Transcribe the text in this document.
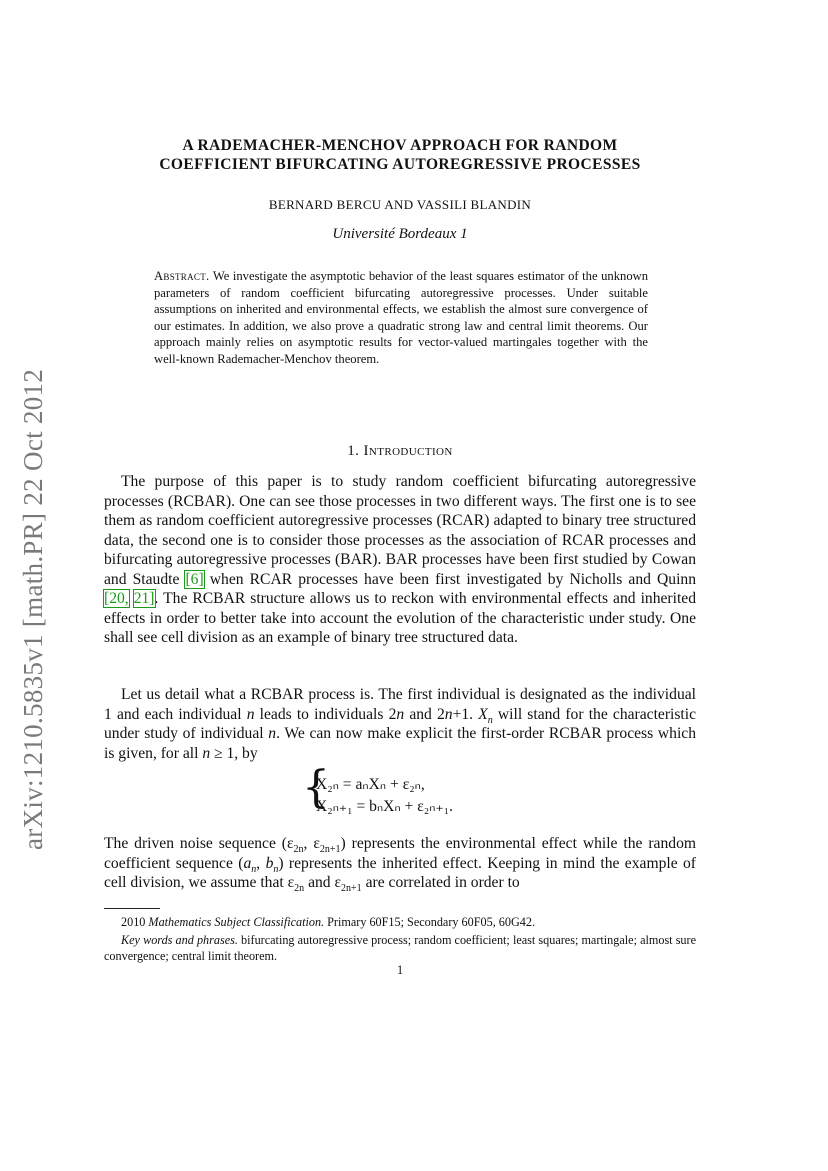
arXiv:1210.5835v1 [math.PR] 22 Oct 2012
A RADEMACHER-MENCHOV APPROACH FOR RANDOM
COEFFICIENT BIFURCATING AUTOREGRESSIVE PROCESSES
BERNARD BERCU AND VASSILI BLANDIN
Université Bordeaux 1
Abstract. We investigate the asymptotic behavior of the least squares estimator of the unknown parameters of random coefficient bifurcating autoregressive processes. Under suitable assumptions on inherited and environmental effects, we establish the almost sure convergence of our estimates. In addition, we also prove a quadratic strong law and central limit theorems. Our approach mainly relies on asymptotic results for vector-valued martingales together with the well-known Rademacher-Menchov theorem.
1. Introduction
The purpose of this paper is to study random coefficient bifurcating autoregressive processes (RCBAR). One can see those processes in two different ways. The first one is to see them as random coefficient autoregressive processes (RCAR) adapted to binary tree structured data, the second one is to consider those processes as the association of RCAR processes and bifurcating autoregressive processes (BAR). BAR processes have been first studied by Cowan and Staudte [6] when RCAR processes have been first investigated by Nicholls and Quinn [20, 21]. The RCBAR structure allows us to reckon with environmental effects and inherited effects in order to better take into account the evolution of the characteristic under study. One shall see cell division as an example of binary tree structured data.
Let us detail what a RCBAR process is. The first individual is designated as the individual 1 and each individual n leads to individuals 2n and 2n+1. $X_n$ will stand for the characteristic under study of individual n. We can now make explicit the first-order RCBAR process which is given, for all n ≥ 1, by
{
X₂ₙ = aₙXₙ + ε₂ₙ,
X₂ₙ₊₁ = bₙXₙ + ε₂ₙ₊₁.
The driven noise sequence ($\varepsilon_{2n}$, $\varepsilon_{2n+1}$) represents the environmental effect while the random coefficient sequence ($a_n$, $b_n$) represents the inherited effect. Keeping in mind the example of cell division, we assume that $\varepsilon_{2n}$ and $\varepsilon_{2n+1}$ are correlated in order to
2010 Mathematics Subject Classification. Primary 60F15; Secondary 60F05, 60G42.
Key words and phrases. bifurcating autoregressive process; random coefficient; least squares; martingale; almost sure convergence; central limit theorem.
1
